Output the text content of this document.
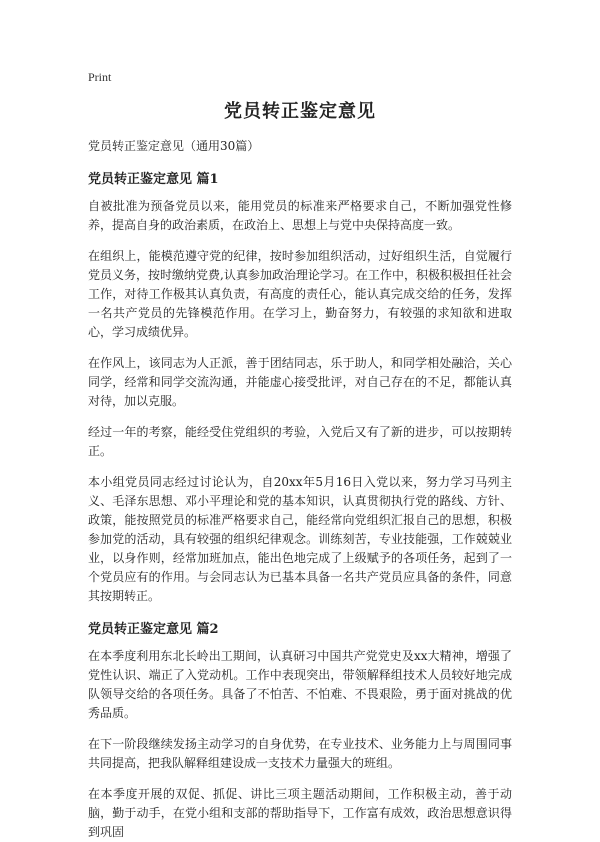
Print
党员转正鉴定意见
党员转正鉴定意见（通用30篇）
党员转正鉴定意见 篇1

自被批准为预备党员以来，能用党员的标准来严格要求自己，不断加强党性修养，提高自身的政治素质，在政治上、思想上与党中央保持高度一致。

在组织上，能模范遵守党的纪律，按时参加组织活动，过好组织生活，自觉履行党员义务，按时缴纳党费,认真参加政治理论学习。在工作中，积极积极担任社会工作，对待工作极其认真负责，有高度的责任心，能认真完成交给的任务，发挥一名共产党员的先锋模范作用。在学习上，勤奋努力，有较强的求知欲和进取心，学习成绩优异。

在作风上，该同志为人正派，善于团结同志，乐于助人，和同学相处融洽，关心同学，经常和同学交流沟通，并能虚心接受批评，对自己存在的不足，都能认真对待，加以克服。

经过一年的考察，能经受住党组织的考验，入党后又有了新的进步，可以按期转正。

本小组党员同志经过讨论认为，自20xx年5月16日入党以来，努力学习马列主义、毛泽东思想、邓小平理论和党的基本知识，认真贯彻执行党的路线、方针、政策，能按照党员的标准严格要求自己，能经常向党组织汇报自己的思想，积极参加党的活动，具有较强的组织纪律观念。训练刻苦，专业技能强，工作兢兢业业，以身作则，经常加班加点，能出色地完成了上级赋予的各项任务，起到了一个党员应有的作用。与会同志认为已基本具备一名共产党员应具备的条件，同意其按期转正。

党员转正鉴定意见 篇2

在本季度利用东北长岭出工期间，认真研习中国共产党党史及xx大精神，增强了党性认识、端正了入党动机。工作中表现突出，带领解释组技术人员较好地完成队领导交给的各项任务。具备了不怕苦、不怕难、不畏艰险，勇于面对挑战的优秀品质。

在下一阶段继续发扬主动学习的自身优势，在专业技术、业务能力上与周围同事共同提高，把我队解释组建设成一支技术力量强大的班组。

在本季度开展的双促、抓促、讲比三项主题活动期间，工作积极主动，善于动脑，勤于动手，在党小组和支部的帮助指导下，工作富有成效，政治思想意识得到巩固
